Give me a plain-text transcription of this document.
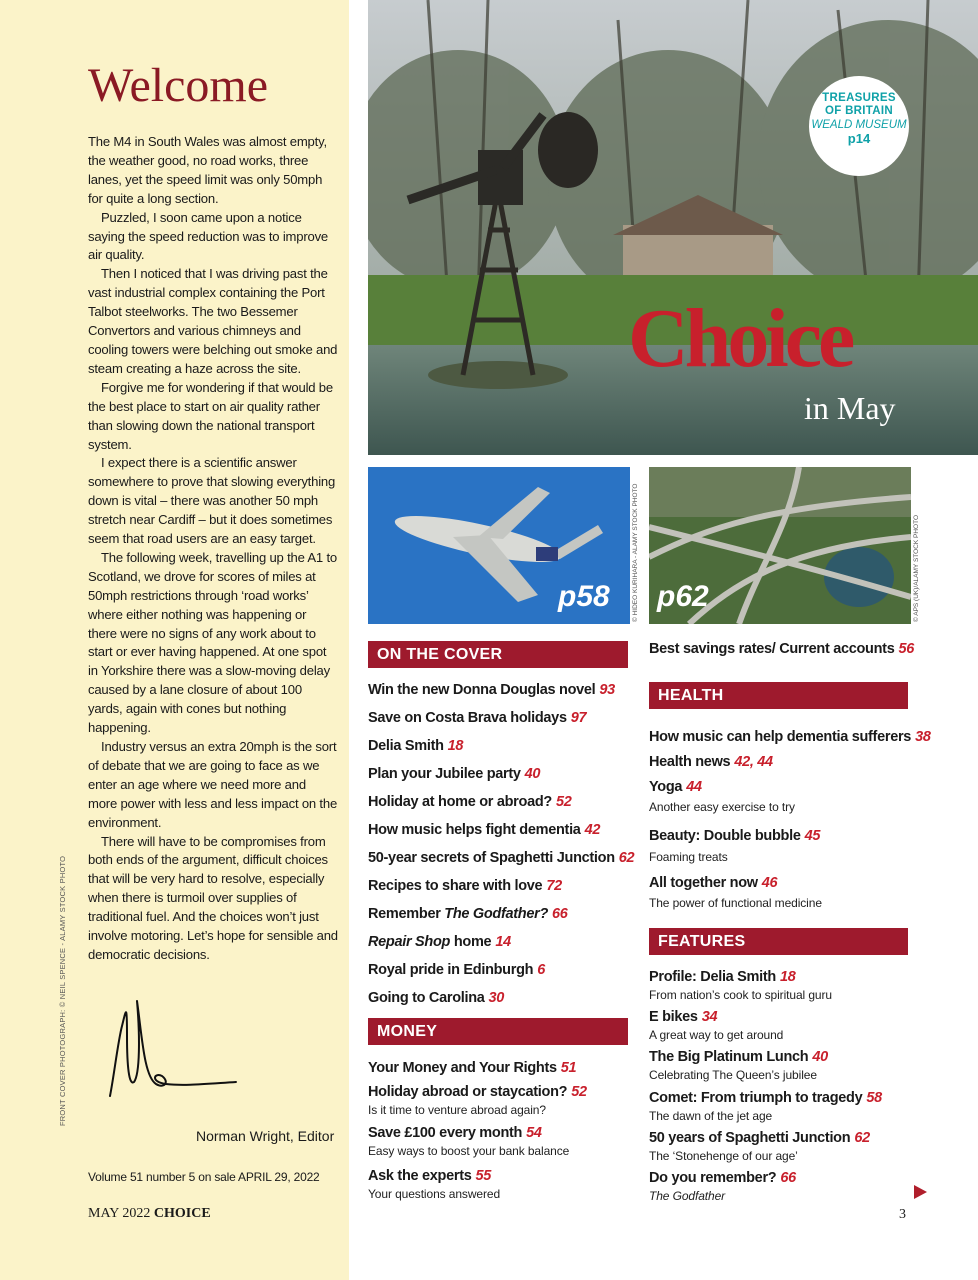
Welcome

The M4 in South Wales was almost empty, the weather good, no road works, three lanes, yet the speed limit was only 50mph for quite a long section.

Puzzled, I soon came upon a notice saying the speed reduction was to improve air quality.

Then I noticed that I was driving past the vast industrial complex containing the Port Talbot steelworks. The two Bessemer Convertors and various chimneys and cooling towers were belching out smoke and steam creating a haze across the site.

Forgive me for wondering if that would be the best place to start on air quality rather than slowing down the national transport system.

I expect there is a scientific answer somewhere to prove that slowing everything down is vital – there was another 50 mph stretch near Cardiff – but it does sometimes seem that road users are an easy target.

The following week, travelling up the A1 to Scotland, we drove for scores of miles at 50mph restrictions through ‘road works’ where either nothing was happening or there were no signs of any work about to start or ever having happened. At one spot in Yorkshire there was a slow-moving delay caused by a lane closure of about 100 yards, again with cones but nothing happening.

Industry versus an extra 20mph is the sort of debate that we are going to face as we enter an age where we need more and more power with less and less impact on the environment.

There will have to be compromises from both ends of the argument, difficult choices that will be very hard to resolve, especially when there is turmoil over supplies of traditional fuel. And the choices won’t just involve motoring. Let’s hope for sensible and democratic decisions.

FRONT COVER PHOTOGRAPH: © NEIL SPENCE - ALAMY STOCK PHOTO
Norman Wright, Editor
Volume 51 number 5 on sale APRIL 29, 2022
MAY 2022 CHOICE
TREASURES
OF BRITAIN
WEALD MUSEUM
p14
Choice
in May
p58	© HIDEO KURIHARA - ALAMY STOCK PHOTO p62	© APS (UK)/ALAMY STOCK PHOTO
ON THE COVER
Win the new Donna Douglas novel 93
Save on Costa Brava holidays 97
Delia Smith 18
Plan your Jubilee party 40
Holiday at home or abroad? 52
How music helps fight dementia 42
50-year secrets of Spaghetti Junction 62
Recipes to share with love 72
Remember The Godfather? 66
Repair Shop home 14
Royal pride in Edinburgh 6
Going to Carolina 30
MONEY
Your Money and Your Rights 51
Holiday abroad or staycation? 52
Is it time to venture abroad again?
Save £100 every month 54
Easy ways to boost your bank balance
Ask the experts 55
Your questions answered
Best savings rates/ Current accounts 56
HEALTH
How music can help dementia sufferers 38
Health news 42, 44
Yoga 44
Another easy exercise to try
Beauty: Double bubble 45
Foaming treats
All together now 46
The power of functional medicine
FEATURES
Profile: Delia Smith 18
From nation’s cook to spiritual guru
E bikes 34
A great way to get around
The Big Platinum Lunch 40
Celebrating The Queen’s jubilee
Comet: From triumph to tragedy 58
The dawn of the jet age
50 years of Spaghetti Junction 62
The ‘Stonehenge of our age’
Do you remember? 66
The Godfather
3
